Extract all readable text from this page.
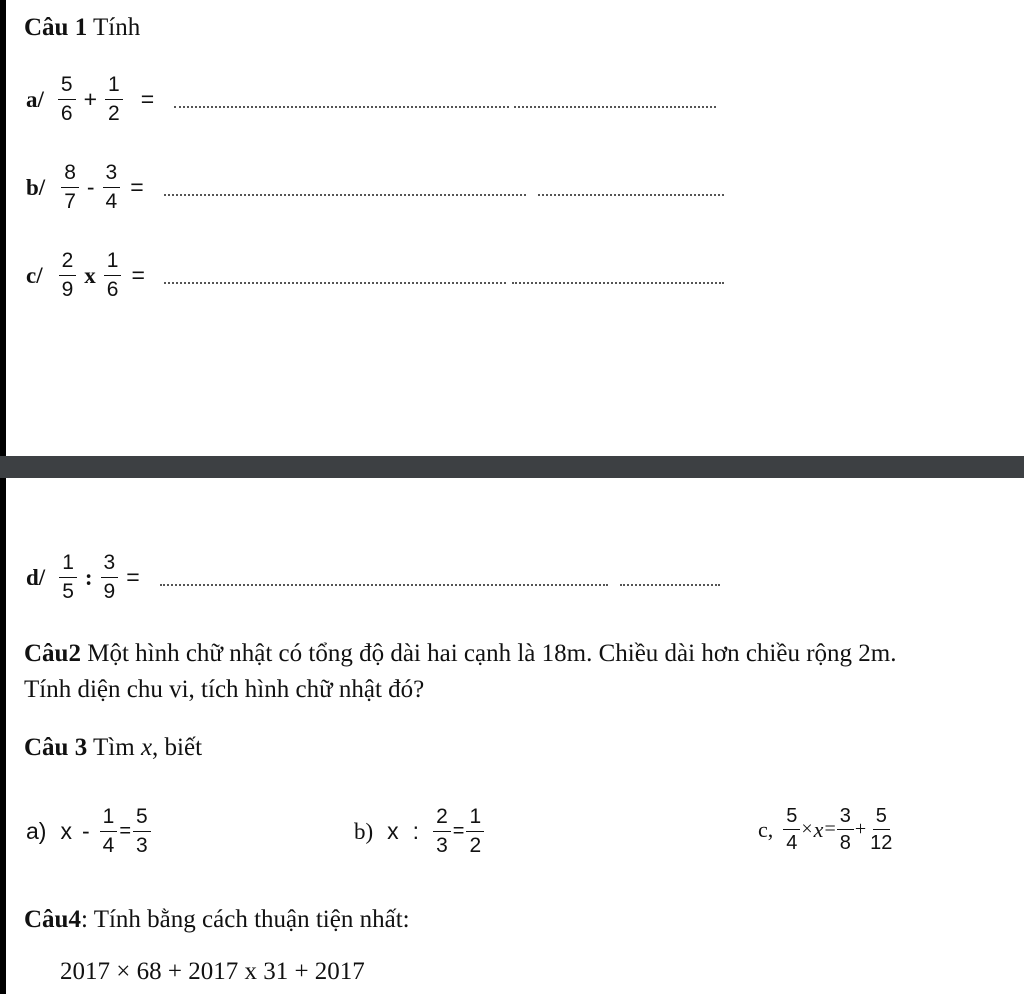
Câu 1 Tính
$a/ \frac{5}{6} + \frac{1}{2}$ =
$b/ \frac{8}{7} - \frac{3}{4}$ =
$c/ \frac{2}{9}$ x $\frac{1}{6}$ =
$d/ \frac{1}{5}$ : $\frac{3}{9}$ =
Câu2 Một hình chữ nhật có tổng độ dài hai cạnh là 18m. Chiều dài hơn chiều rộng 2m.
Tính diện chu vi, tích hình chữ nhật đó?
Câu 3 Tìm x, biết
a) $x - \frac{1}{4} = \frac{5}{3}$	b) x : $\frac{2}{3} = \frac{1}{2}$	c, $\frac{5}{4} \times x = \frac{3}{8} + \frac{5}{12}$
Câu4: Tính bằng cách thuận tiện nhất:
2017 × 68 + 2017 x 31 + 2017
